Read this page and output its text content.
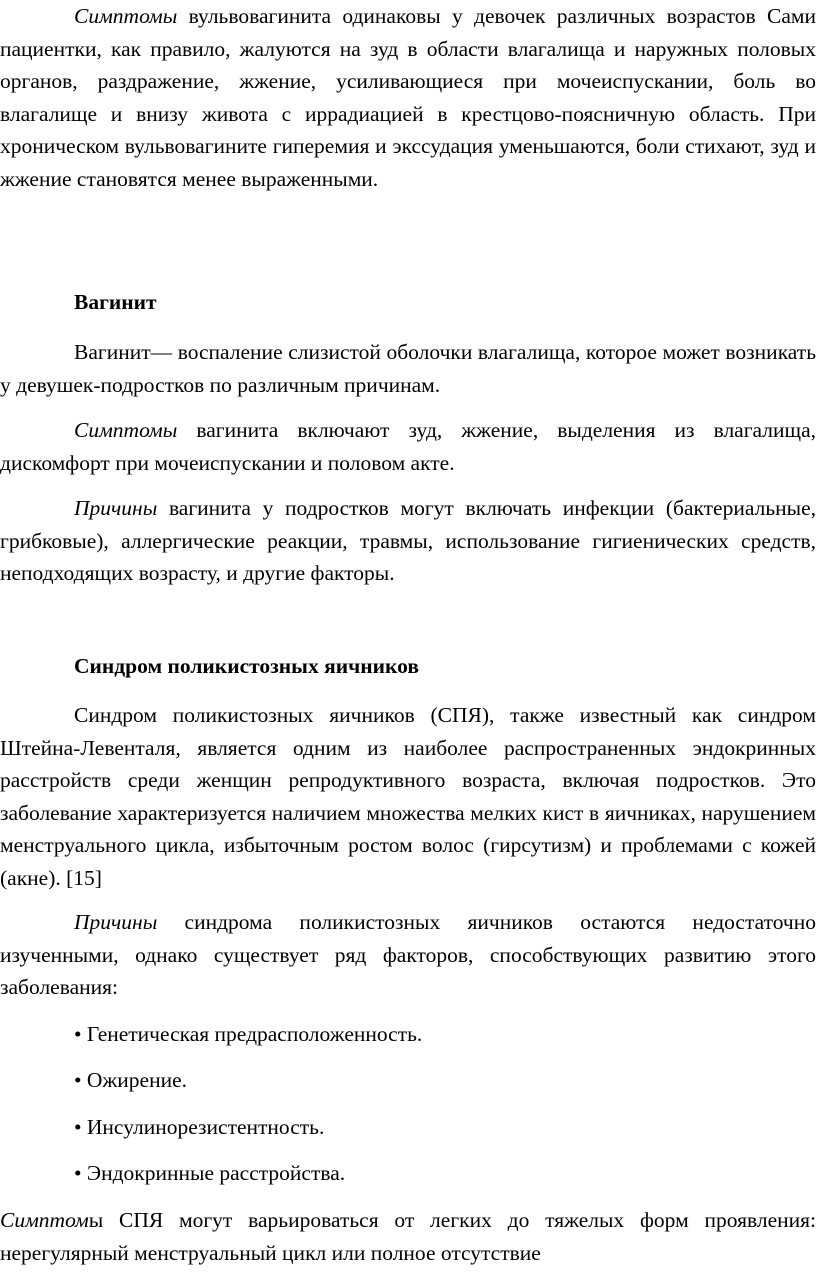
Симптомы вульвовагинита одинаковы у девочек различных возрастов Сами пациентки, как правило, жалуются на зуд в области влагалища и наружных половых органов, раздражение, жжение, усиливающиеся при мочеиспускании, боль во влагалище и внизу живота с иррадиацией в крестцово-поясничную область. При хроническом вульвовагините гиперемия и экссудация уменьшаются, боли стихают, зуд и жжение становятся менее выраженными.

Вагинит

Вагинит— воспаление слизистой оболочки влагалища, которое может возникать у девушек-подростков по различным причинам.

Симптомы вагинита включают зуд, жжение, выделения из влагалища, дискомфорт при мочеиспускании и половом акте.

Причины вагинита у подростков могут включать инфекции (бактериальные, грибковые), аллергические реакции, травмы, использование гигиенических средств, неподходящих возрасту, и другие факторы.

Синдром поликистозных яичников

Синдром поликистозных яичников (СПЯ), также известный как синдром Штейна-Левенталя, является одним из наиболее распространенных эндокринных расстройств среди женщин репродуктивного возраста, включая подростков. Это заболевание характеризуется наличием множества мелких кист в яичниках, нарушением менструального цикла, избыточным ростом волос (гирсутизм) и проблемами с кожей (акне). [15]

Причины синдрома поликистозных яичников остаются недостаточно изученными, однако существует ряд факторов, способствующих развитию этого заболевания:

• Генетическая предрасположенность.

• Ожирение.

• Инсулинорезистентность.

• Эндокринные расстройства.

Симптомы СПЯ могут варьироваться от легких до тяжелых форм проявления: нерегулярный менструальный цикл или полное отсутствие
